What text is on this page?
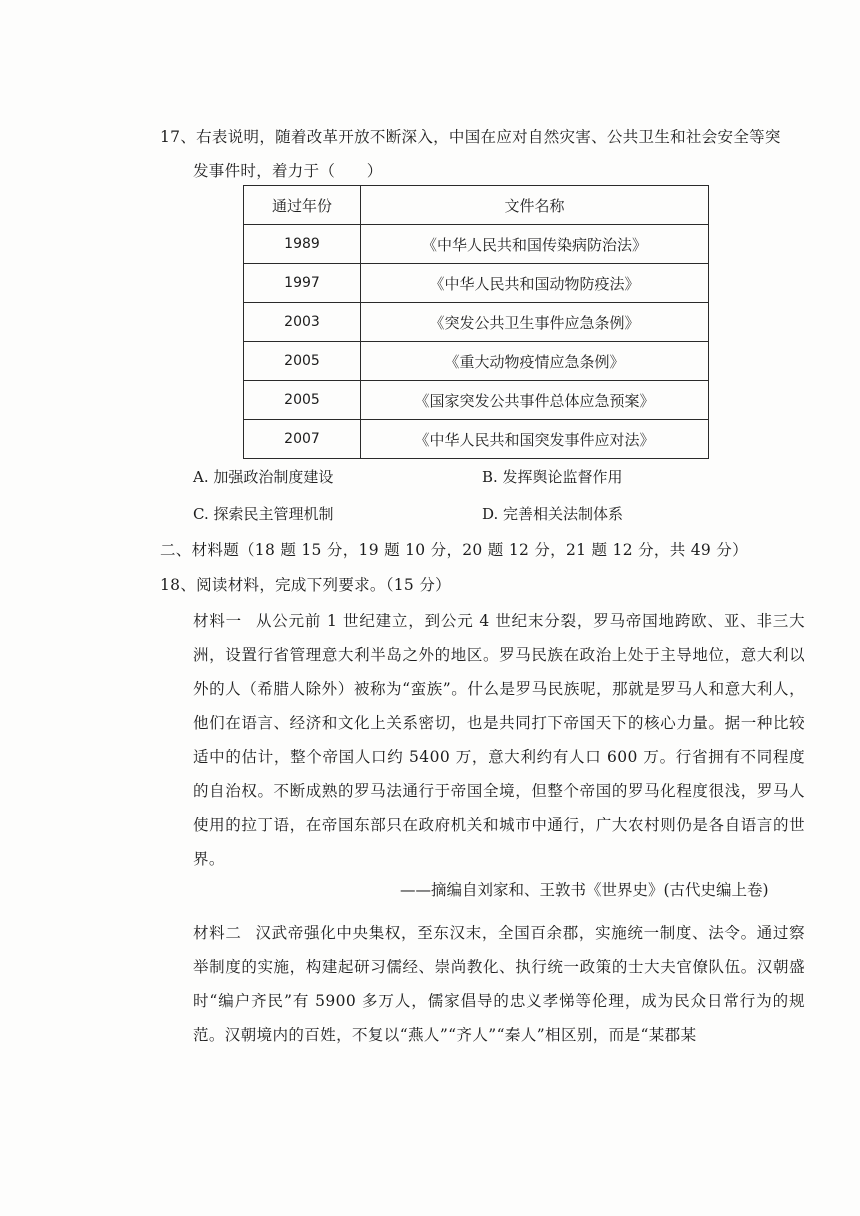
17、右表说明，随着改革开放不断深入，中国在应对自然灾害、公共卫生和社会安全等突
发事件时，着力于（　　）
通过年份	文件名称
1989	《中华人民共和国传染病防治法》
1997	《中华人民共和国动物防疫法》
2003	《突发公共卫生事件应急条例》
2005	《重大动物疫情应急条例》
2005	《国家突发公共事件总体应急预案》
2007	《中华人民共和国突发事件应对法》
A. 加强政治制度建设	B. 发挥舆论监督作用
C. 探索民主管理机制	D. 完善相关法制体系
二、材料题（18 题 15 分，19 题 10 分，20 题 12 分，21 题 12 分，共 49 分）
18、阅读材料，完成下列要求。（15 分）
材料一 从公元前 1 世纪建立，到公元 4 世纪末分裂，罗马帝国地跨欧、亚、非三大洲，设置行省管理意大利半岛之外的地区。罗马民族在政治上处于主导地位，意大利以外的人（希腊人除外）被称为“蛮族”。什么是罗马民族呢，那就是罗马人和意大利人，他们在语言、经济和文化上关系密切，也是共同打下帝国天下的核心力量。据一种比较适中的估计，整个帝国人口约 5400 万，意大利约有人口 600 万。行省拥有不同程度的自治权。不断成熟的罗马法通行于帝国全境，但整个帝国的罗马化程度很浅，罗马人使用的拉丁语，在帝国东部只在政府机关和城市中通行，广大农村则仍是各自语言的世界。
——摘编自刘家和、王敦书《世界史》(古代史编上卷)
材料二 汉武帝强化中央集权，至东汉末，全国百余郡，实施统一制度、法令。通过察举制度的实施，构建起研习儒经、崇尚教化、执行统一政策的士大夫官僚队伍。汉朝盛时“编户齐民”有 5900 多万人，儒家倡导的忠义孝悌等伦理，成为民众日常行为的规范。汉朝境内的百姓，不复以“燕人”“齐人”“秦人”相区别，而是“某郡某
